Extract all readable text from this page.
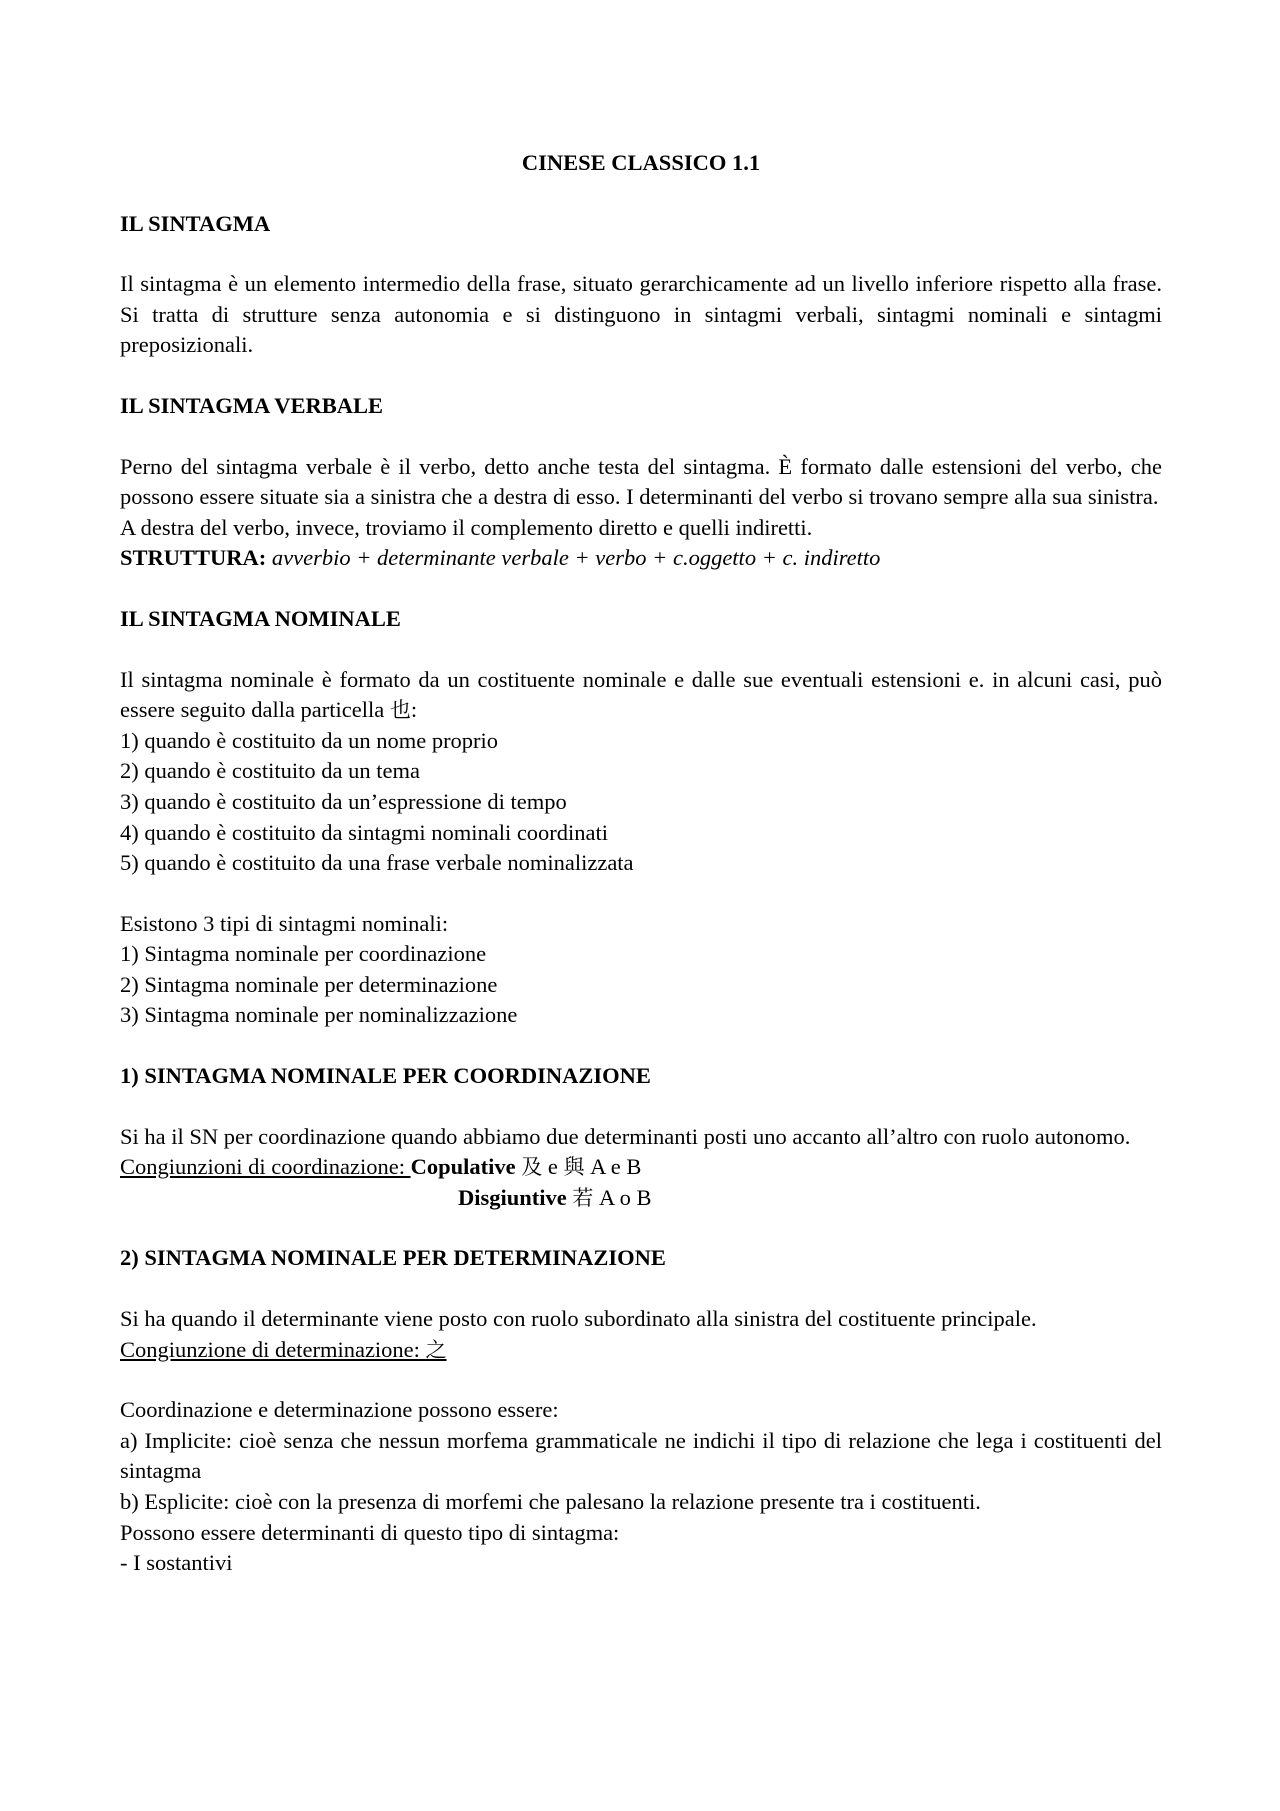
CINESE CLASSICO 1.1
IL SINTAGMA

Il sintagma è un elemento intermedio della frase, situato gerarchicamente ad un livello inferiore rispetto alla frase. Si tratta di strutture senza autonomia e si distinguono in sintagmi verbali, sintagmi nominali e sintagmi preposizionali.

IL SINTAGMA VERBALE

Perno del sintagma verbale è il verbo, detto anche testa del sintagma. È formato dalle estensioni del verbo, che possono essere situate sia a sinistra che a destra di esso. I determinanti del verbo si trovano sempre alla sua sinistra.
A destra del verbo, invece, troviamo il complemento diretto e quelli indiretti.
STRUTTURA: avverbio + determinante verbale + verbo + c.oggetto + c. indiretto

IL SINTAGMA NOMINALE

Il sintagma nominale è formato da un costituente nominale e dalle sue eventuali estensioni e. in alcuni casi, può essere seguito dalla particella 也:
1) quando è costituito da un nome proprio
2) quando è costituito da un tema
3) quando è costituito da un’espressione di tempo
4) quando è costituito da sintagmi nominali coordinati
5) quando è costituito da una frase verbale nominalizzata

Esistono 3 tipi di sintagmi nominali:
1) Sintagma nominale per coordinazione
2) Sintagma nominale per determinazione
3) Sintagma nominale per nominalizzazione

1) SINTAGMA NOMINALE PER COORDINAZIONE

Si ha il SN per coordinazione quando abbiamo due determinanti posti uno accanto all’altro con ruolo autonomo.
Congiunzioni di coordinazione: Copulative 及 e 與 A e B
Disgiuntive 若 A o B

2) SINTAGMA NOMINALE PER DETERMINAZIONE

Si ha quando il determinante viene posto con ruolo subordinato alla sinistra del costituente principale.
Congiunzione di determinazione: 之

Coordinazione e determinazione possono essere:
a) Implicite: cioè senza che nessun morfema grammaticale ne indichi il tipo di relazione che lega i costituenti del sintagma
b) Esplicite: cioè con la presenza di morfemi che palesano la relazione presente tra i costituenti.
Possono essere determinanti di questo tipo di sintagma:
- I sostantivi
